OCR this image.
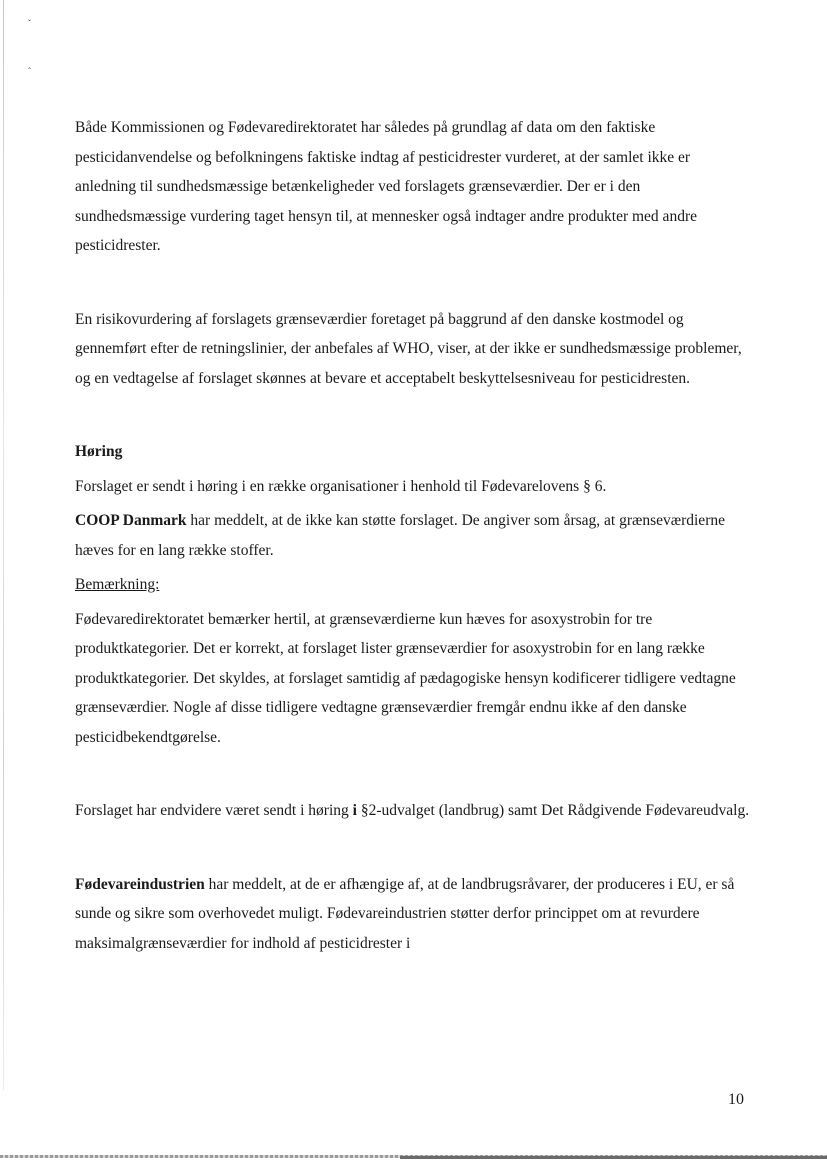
ˇ
ˆ

Både Kommissionen og Fødevaredirektoratet har således på grundlag af data om den faktiske pesticidanvendelse og befolkningens faktiske indtag af pesticidrester vurderet, at der samlet ikke er anledning til sundhedsmæssige betænkeligheder ved forslagets grænseværdier. Der er i den sundhedsmæssige vurdering taget hensyn til, at mennesker også indtager andre produkter med andre pesticidrester.

En risikovurdering af forslagets grænseværdier foretaget på baggrund af den danske kostmodel og gennemført efter de retningslinier, der anbefales af WHO, viser, at der ikke er sundhedsmæssige problemer, og en vedtagelse af forslaget skønnes at bevare et acceptabelt beskyttelsesniveau for pesticidresten.

Høring

Forslaget er sendt i høring i en række organisationer i henhold til Fødevarelovens § 6.

COOP Danmark har meddelt, at de ikke kan støtte forslaget. De angiver som årsag, at grænseværdierne hæves for en lang række stoffer.

Bemærkning:

Fødevaredirektoratet bemærker hertil, at grænseværdierne kun hæves for asoxystrobin for tre produktkategorier. Det er korrekt, at forslaget lister grænseværdier for asoxystrobin for en lang række produktkategorier. Det skyldes, at forslaget samtidig af pædagogiske hensyn kodificerer tidligere vedtagne grænseværdier. Nogle af disse tidligere vedtagne grænseværdier fremgår endnu ikke af den danske pesticidbekendtgørelse.

Forslaget har endvidere været sendt i høring i §2-udvalget (landbrug) samt Det Rådgivende Fødevareudvalg.

Fødevareindustrien har meddelt, at de er afhængige af, at de landbrugsråvarer, der produceres i EU, er så sunde og sikre som overhovedet muligt. Fødevareindustrien støtter derfor princippet om at revurdere maksimalgrænseværdier for indhold af pesticidrester i

10
